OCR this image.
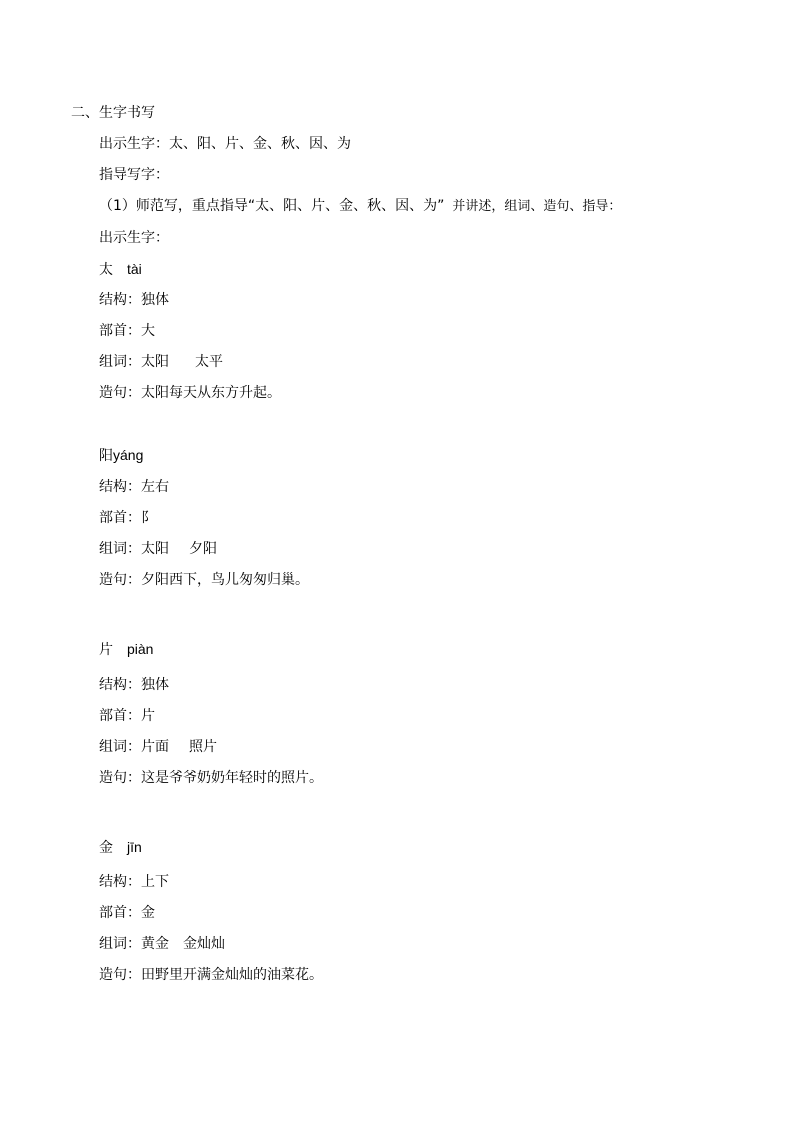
二、生字书写
出示生字：太、阳、片、金、秋、因、为
指导写字：
（1）师范写，重点指导“太、阳、片、金、秋、因、为” 并讲述，组词、造句、指导：
出示生字：
太 tài
结构：独体
部首：大
组词：太阳 太平
造句：太阳每天从东方升起。
阳yáng
结构：左右
部首：阝
组词：太阳 夕阳
造句：夕阳西下，鸟儿匆匆归巢。
片 piàn
结构：独体
部首：片
组词：片面 照片
造句：这是爷爷奶奶年轻时的照片。
金 jīn
结构：上下
部首：金
组词：黄金 金灿灿
造句：田野里开满金灿灿的油菜花。
